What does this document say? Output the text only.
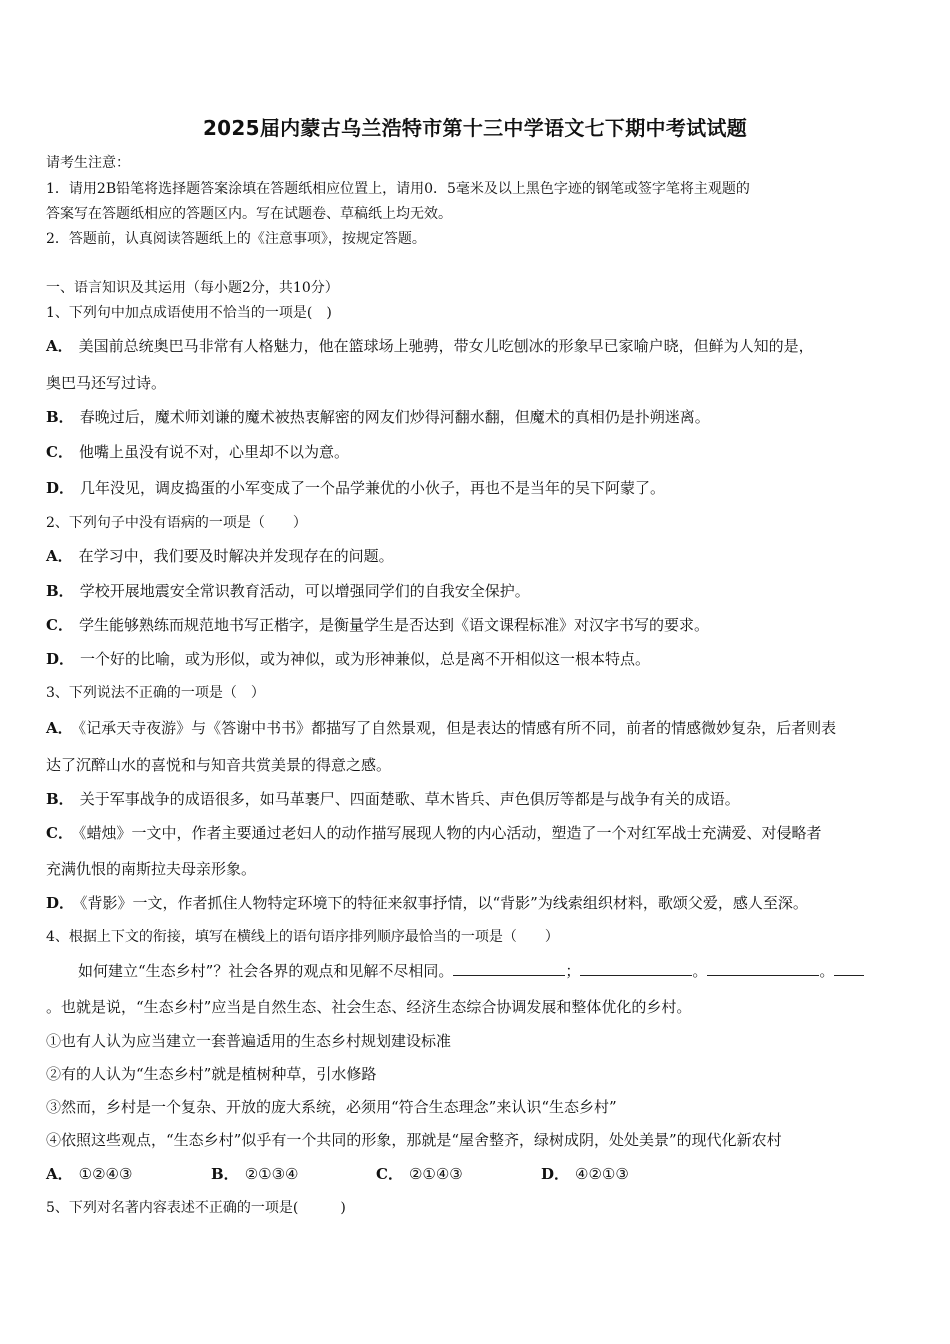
2025届内蒙古乌兰浩特市第十三中学语文七下期中考试试题
请考生注意：
1．请用2B铅笔将选择题答案涂填在答题纸相应位置上，请用0．5毫米及以上黑色字迹的钢笔或签字笔将主观题的
答案写在答题纸相应的答题区内。写在试题卷、草稿纸上均无效。
2．答题前，认真阅读答题纸上的《注意事项》，按规定答题。
一、语言知识及其运用（每小题2分，共10分）
1、下列句中加点成语使用不恰当的一项是(　)
A． 美国前总统奥巴马非常有人格魅力，他在篮球场上驰骋，带女儿吃刨冰的形象早已家喻户晓，但鲜为人知的是，
奥巴马还写过诗。
B． 春晚过后，魔术师刘谦的魔术被热衷解密的网友们炒得河翻水翻，但魔术的真相仍是扑朔迷离。
C． 他嘴上虽没有说不对，心里却不以为意。
D． 几年没见，调皮捣蛋的小军变成了一个品学兼优的小伙子，再也不是当年的吴下阿蒙了。
2、下列句子中没有语病的一项是（　　）
A． 在学习中，我们要及时解决并发现存在的问题。
B． 学校开展地震安全常识教育活动，可以增强同学们的自我安全保护。
C． 学生能够熟练而规范地书写正楷字，是衡量学生是否达到《语文课程标准》对汉字书写的要求。
D． 一个好的比喻，或为形似，或为神似，或为形神兼似，总是离不开相似这一根本特点。
3、下列说法不正确的一项是（　）
A． 《记承天寺夜游》与《答谢中书书》都描写了自然景观，但是表达的情感有所不同，前者的情感微妙复杂，后者则表
达了沉醉山水的喜悦和与知音共赏美景的得意之感。
B． 关于军事战争的成语很多，如马革裹尸、四面楚歌、草木皆兵、声色俱厉等都是与战争有关的成语。
C． 《蜡烛》一文中，作者主要通过老妇人的动作描写展现人物的内心活动，塑造了一个对红军战士充满爱、对侵略者
充满仇恨的南斯拉夫母亲形象。
D． 《背影》一文，作者抓住人物特定环境下的特征来叙事抒情，以“背影”为线索组织材料，歌颂父爱，感人至深。
4、根据上下文的衔接，填写在横线上的语句语序排列顺序最恰当的一项是（　　）
如何建立“生态乡村”？社会各界的观点和见解不尽相同。	；	。	。
。也就是说，“生态乡村”应当是自然生态、社会生态、经济生态综合协调发展和整体优化的乡村。
①也有人认为应当建立一套普遍适用的生态乡村规划建设标准
②有的人认为“生态乡村”就是植树种草，引水修路
③然而，乡村是一个复杂、开放的庞大系统，必须用“符合生态理念”来认识“生态乡村”
④依照这些观点，“生态乡村”似乎有一个共同的形象，那就是“屋舍整齐，绿树成阴，处处美景”的现代化新农村
A． ①②④③	B． ②①③④	C． ②①④③	D． ④②①③
5、下列对名著内容表述不正确的一项是(　　　)
